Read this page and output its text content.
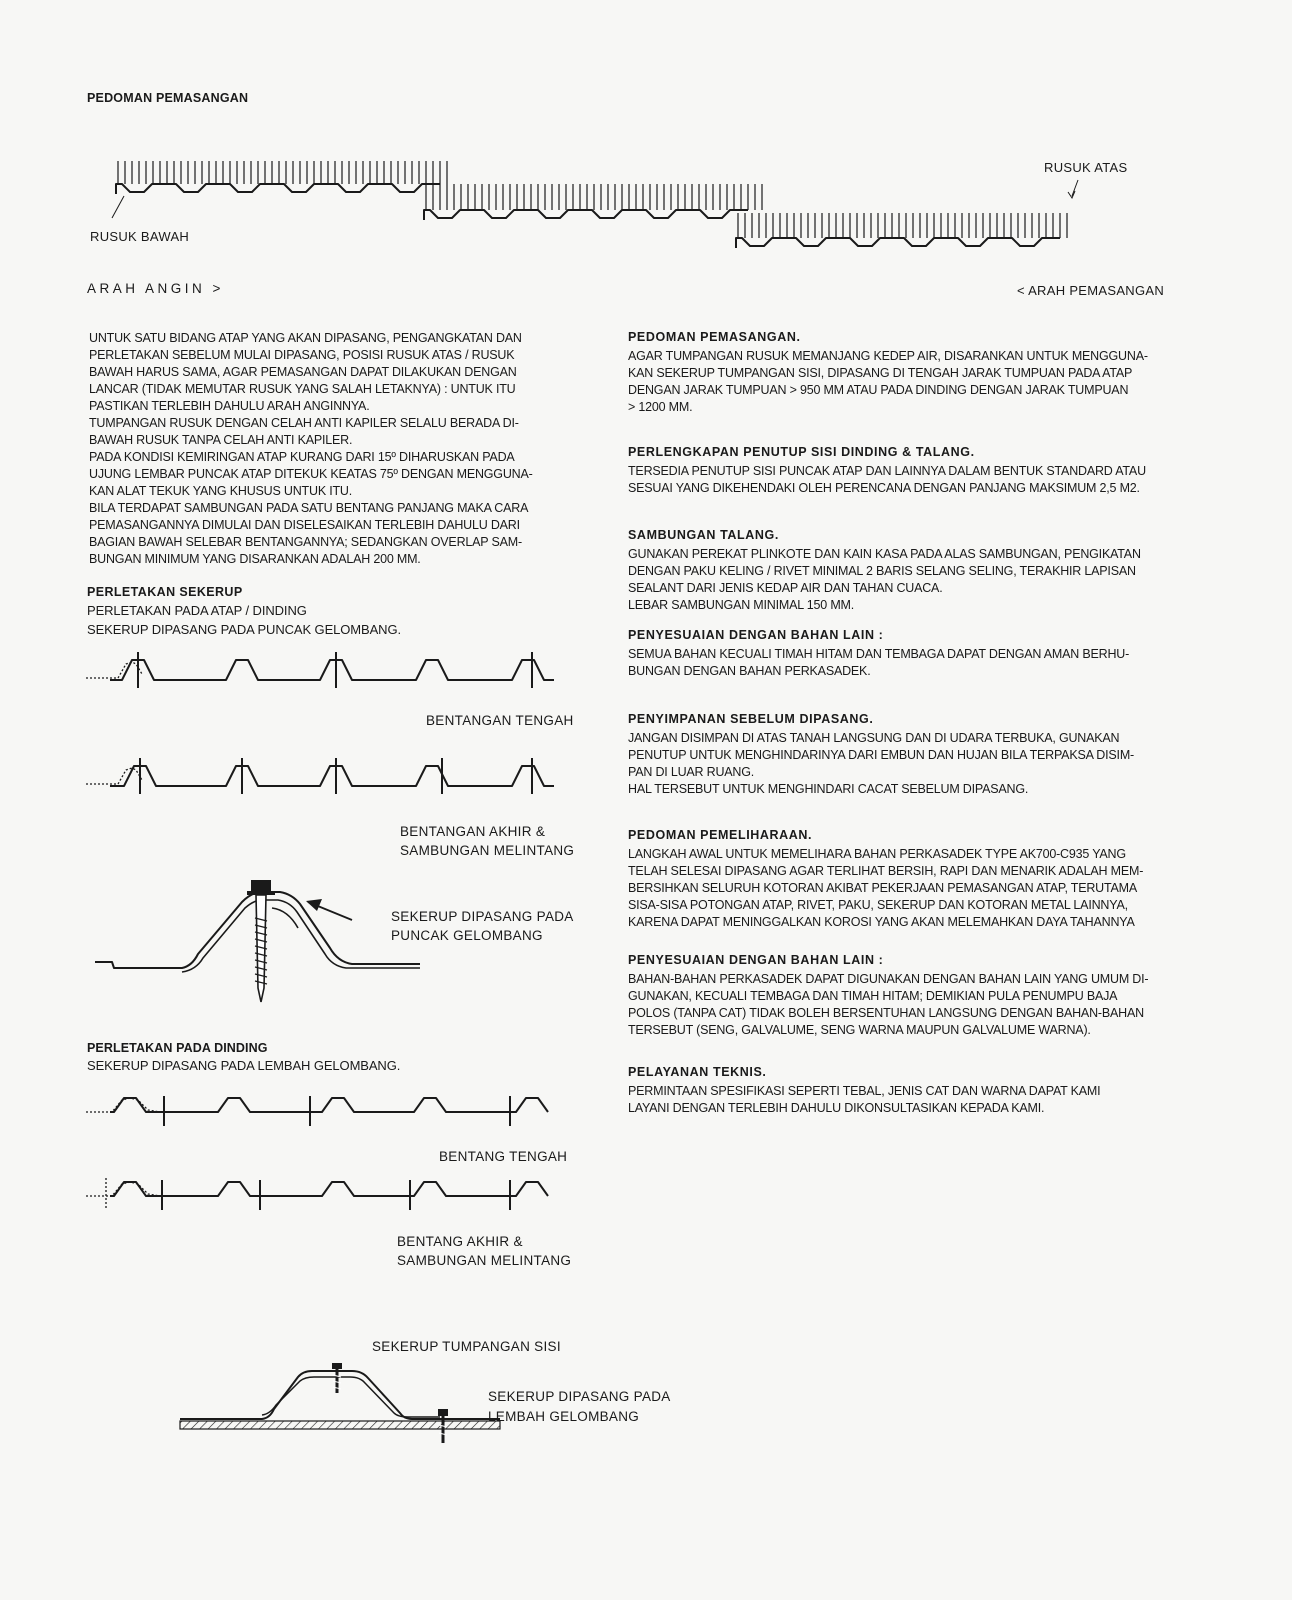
PEDOMAN PEMASANGAN
RUSUK ATAS
RUSUK BAWAH
ARAH ANGIN >	< ARAH PEMASANGAN
UNTUK SATU BIDANG ATAP YANG AKAN DIPASANG, PENGANGKATAN DAN
PERLETAKAN SEBELUM MULAI DIPASANG, POSISI RUSUK ATAS / RUSUK
BAWAH HARUS SAMA, AGAR PEMASANGAN DAPAT DILAKUKAN DENGAN
LANCAR (TIDAK MEMUTAR RUSUK YANG SALAH LETAKNYA) : UNTUK ITU
PASTIKAN TERLEBIH DAHULU ARAH ANGINNYA.
TUMPANGAN RUSUK DENGAN CELAH ANTI KAPILER SELALU BERADA DI-
BAWAH RUSUK TANPA CELAH ANTI KAPILER.
PADA KONDISI KEMIRINGAN ATAP KURANG DARI 15º DIHARUSKAN PADA
UJUNG LEMBAR PUNCAK ATAP DITEKUK KEATAS 75º DENGAN MENGGUNA-
KAN ALAT TEKUK YANG KHUSUS UNTUK ITU.
BILA TERDAPAT SAMBUNGAN PADA SATU BENTANG PANJANG MAKA CARA
PEMASANGANNYA DIMULAI DAN DISELESAIKAN TERLEBIH DAHULU DARI
BAGIAN BAWAH SELEBAR BENTANGANNYA; SEDANGKAN OVERLAP SAM-
BUNGAN MINIMUM YANG DISARANKAN ADALAH 200 MM.
PERLETAKAN SEKERUP
PERLETAKAN PADA ATAP / DINDING
SEKERUP DIPASANG PADA PUNCAK GELOMBANG.
BENTANGAN TENGAH
BENTANGAN AKHIR &
SAMBUNGAN MELINTANG
SEKERUP DIPASANG PADA
PUNCAK GELOMBANG
PERLETAKAN PADA DINDING
SEKERUP DIPASANG PADA LEMBAH GELOMBANG.
BENTANG TENGAH
BENTANG AKHIR &
SAMBUNGAN MELINTANG
SEKERUP TUMPANGAN SISI
SEKERUP DIPASANG PADA
LEMBAH GELOMBANG
PEDOMAN PEMASANGAN.
AGAR TUMPANGAN RUSUK MEMANJANG KEDEP AIR, DISARANKAN UNTUK MENGGUNA-
KAN SEKERUP TUMPANGAN SISI, DIPASANG DI TENGAH JARAK TUMPUAN PADA ATAP
DENGAN JARAK TUMPUAN > 950 MM ATAU PADA DINDING DENGAN JARAK TUMPUAN
> 1200 MM.
PERLENGKAPAN PENUTUP SISI DINDING & TALANG.
TERSEDIA PENUTUP SISI PUNCAK ATAP DAN LAINNYA DALAM BENTUK STANDARD ATAU
SESUAI YANG DIKEHENDAKI OLEH PERENCANA DENGAN PANJANG MAKSIMUM 2,5 M2.
SAMBUNGAN TALANG.
GUNAKAN PEREKAT PLINKOTE DAN KAIN KASA PADA ALAS SAMBUNGAN, PENGIKATAN
DENGAN PAKU KELING / RIVET MINIMAL 2 BARIS SELANG SELING, TERAKHIR LAPISAN
SEALANT DARI JENIS KEDAP AIR DAN TAHAN CUACA.
LEBAR SAMBUNGAN MINIMAL 150 MM.
PENYESUAIAN DENGAN BAHAN LAIN :
SEMUA BAHAN KECUALI TIMAH HITAM DAN TEMBAGA DAPAT DENGAN AMAN BERHU-
BUNGAN DENGAN BAHAN PERKASADEK.
PENYIMPANAN SEBELUM DIPASANG.
JANGAN DISIMPAN DI ATAS TANAH LANGSUNG DAN DI UDARA TERBUKA, GUNAKAN
PENUTUP UNTUK MENGHINDARINYA DARI EMBUN DAN HUJAN BILA TERPAKSA DISIM-
PAN DI LUAR RUANG.
HAL TERSEBUT UNTUK MENGHINDARI CACAT SEBELUM DIPASANG.
PEDOMAN PEMELIHARAAN.
LANGKAH AWAL UNTUK MEMELIHARA BAHAN PERKASADEK TYPE AK700-C935 YANG
TELAH SELESAI DIPASANG AGAR TERLIHAT BERSIH, RAPI DAN MENARIK ADALAH MEM-
BERSIHKAN SELURUH KOTORAN AKIBAT PEKERJAAN PEMASANGAN ATAP, TERUTAMA
SISA-SISA POTONGAN ATAP, RIVET, PAKU, SEKERUP DAN KOTORAN METAL LAINNYA,
KARENA DAPAT MENINGGALKAN KOROSI YANG AKAN MELEMAHKAN DAYA TAHANNYA
PENYESUAIAN DENGAN BAHAN LAIN :
BAHAN-BAHAN PERKASADEK DAPAT DIGUNAKAN DENGAN BAHAN LAIN YANG UMUM DI-
GUNAKAN, KECUALI TEMBAGA DAN TIMAH HITAM; DEMIKIAN PULA PENUMPU BAJA
POLOS (TANPA CAT) TIDAK BOLEH BERSENTUHAN LANGSUNG DENGAN BAHAN-BAHAN
TERSEBUT (SENG, GALVALUME, SENG WARNA MAUPUN GALVALUME WARNA).
PELAYANAN TEKNIS.
PERMINTAAN SPESIFIKASI SEPERTI TEBAL, JENIS CAT DAN WARNA DAPAT KAMI
LAYANI DENGAN TERLEBIH DAHULU DIKONSULTASIKAN KEPADA KAMI.
